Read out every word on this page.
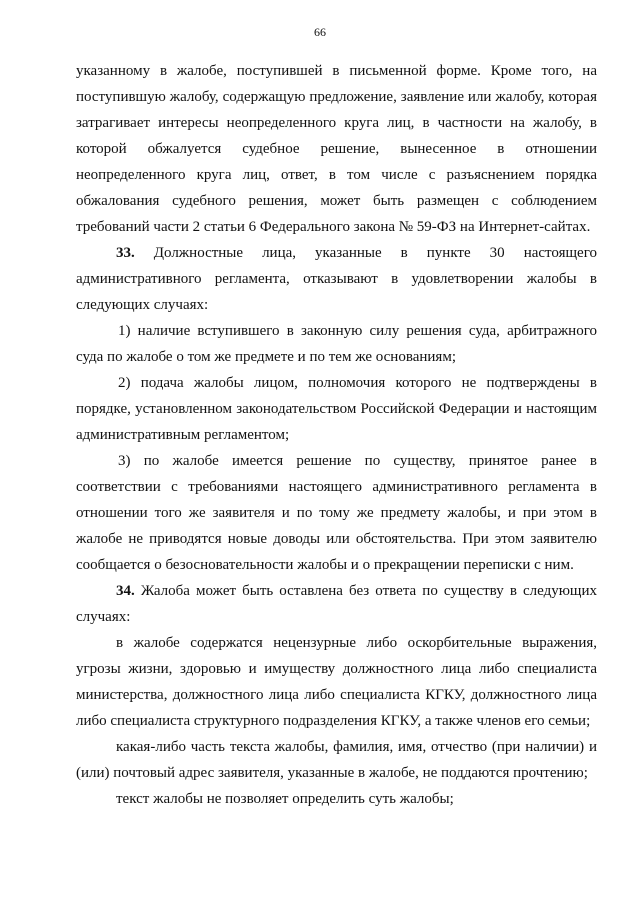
66

указанному в жалобе, поступившей в письменной форме. Кроме того, на поступившую жалобу, содержащую предложение, заявление или жалобу, которая затрагивает интересы неопределенного круга лиц, в частности на жалобу, в которой обжалуется судебное решение, вынесенное в отношении неопределенного круга лиц, ответ, в том числе с разъяснением порядка обжалования судебного решения, может быть размещен с соблюдением требований части 2 статьи 6 Федерального закона № 59-ФЗ на Интернет-сайтах.

33. Должностные лица, указанные в пункте 30 настоящего административного регламента, отказывают в удовлетворении жалобы в следующих случаях:

1) наличие вступившего в законную силу решения суда, арбитражного суда по жалобе о том же предмете и по тем же основаниям;

2) подача жалобы лицом, полномочия которого не подтверждены в порядке, установленном законодательством Российской Федерации и настоящим административным регламентом;

3) по жалобе имеется решение по существу, принятое ранее в соответствии с требованиями настоящего административного регламента в отношении того же заявителя и по тому же предмету жалобы, и при этом в жалобе не приводятся новые доводы или обстоятельства. При этом заявителю сообщается о безосновательности жалобы и о прекращении переписки с ним.

34. Жалоба может быть оставлена без ответа по существу в следующих случаях:

в жалобе содержатся нецензурные либо оскорбительные выражения, угрозы жизни, здоровью и имуществу должностного лица либо специалиста министерства, должностного лица либо специалиста КГКУ, должностного лица либо специалиста структурного подразделения КГКУ, а также членов его семьи;

какая-либо часть текста жалобы, фамилия, имя, отчество (при наличии) и (или) почтовый адрес заявителя, указанные в жалобе, не поддаются прочтению;

текст жалобы не позволяет определить суть жалобы;
